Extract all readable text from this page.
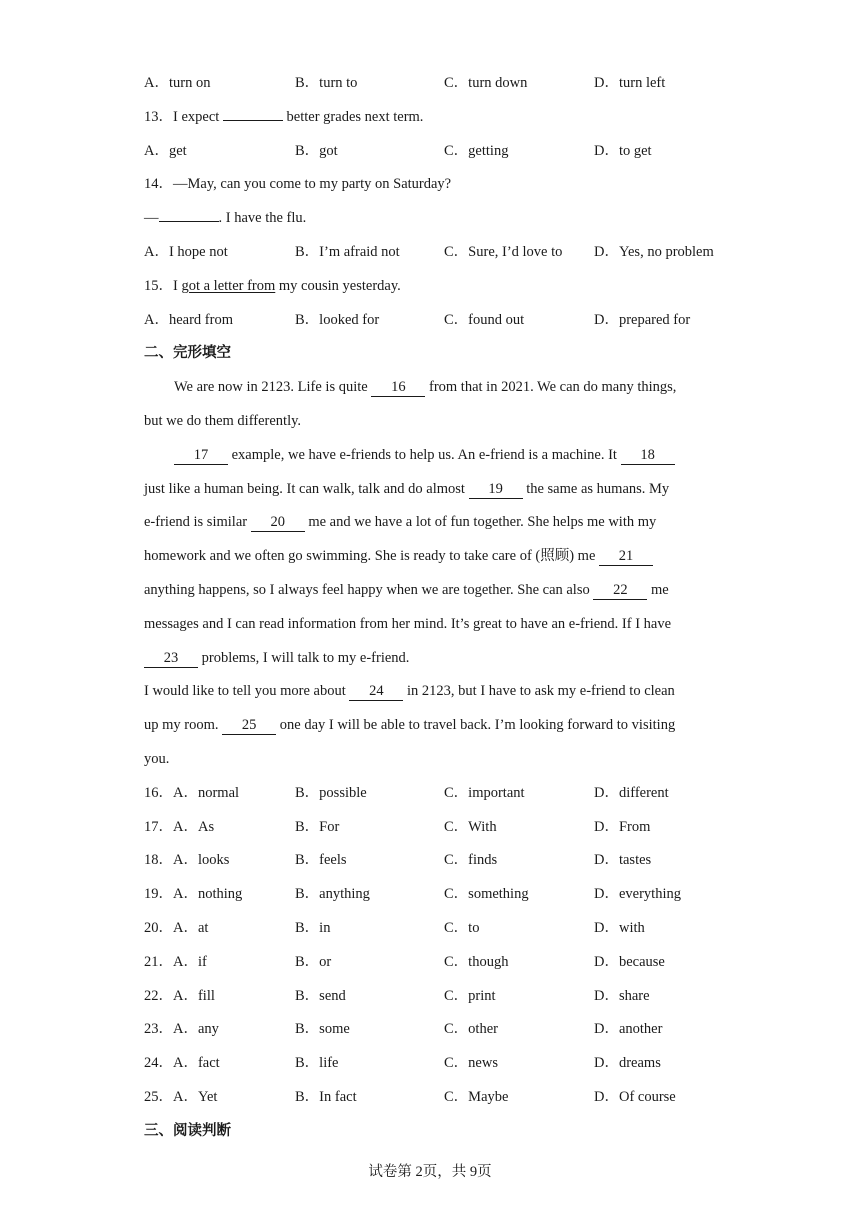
A．turn on	B．turn to	C．turn down	D．turn left
13．I expect	better grades next term.
A．get	B．got	C．getting	D．to get
14．—May, can you come to my party on Saturday?
—	. I have the flu.
A．I hope not	B．I’m afraid not	C．Sure, I’d love to D．Yes, no problem
15．I got a letter from my cousin yesterday.
A．heard from	B．looked for	C．found out	D．prepared for
二、完形填空
We are now in 2123. Life is quite 16 from that in 2021. We can do many things,
but we do them differently.
17 example, we have e-friends to help us. An e-friend is a machine. It 18
just like a human being. It can walk, talk and do almost 19 the same as humans. My
e-friend is similar 20 me and we have a lot of fun together. She helps me with my
homework and we often go swimming. She is ready to take care of (照顾) me 21
anything happens, so I always feel happy when we are together. She can also 22 me
messages and I can read information from her mind. It’s great to have an e-friend. If I have
23 problems, I will talk to my e-friend.
I would like to tell you more about 24 in 2123, but I have to ask my e-friend to clean
up my room. 25 one day I will be able to travel back. I’m looking forward to visiting
you.
16．A．normal	B．possible	C．important	D．different
17．A．As	B．For	C．With	D．From
18．A．looks	B．feels	C．finds	D．tastes
19．A．nothing	B．anything	C．something	D．everything
20．A．at	B．in	C．to	D．with
21．A．if	B．or	C．though	D．because
22．A．fill	B．send	C．print	D．share
23．A．any	B．some	C．other	D．another
24．A．fact	B．life	C．news	D．dreams
25．A．Yet	B．In fact	C．Maybe	D．Of course
三、阅读判断
试卷第 2页，共 9页
